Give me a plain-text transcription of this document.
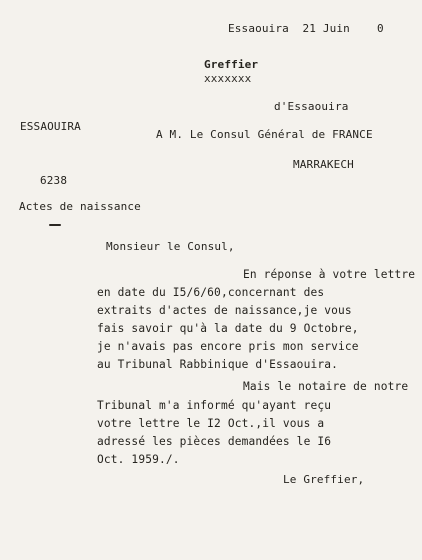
Essaouira  21 Juin    0
Greffier
xxxxxxx
d'Essaouira
ESSAOUIRA
A M. Le Consul Général de FRANCE
MARRAKECH
6238
Actes de naissance
Monsieur le Consul,
En réponse à votre lettre
en date du I5/6/60,concernant des
extraits d'actes de naissance,je vous
fais savoir qu'à la date du 9 Octobre,
je n'avais pas encore pris mon service
au Tribunal Rabbinique d'Essaouira.
Mais le notaire de notre
Tribunal m'a informé qu'ayant reçu
votre lettre le I2 Oct.,il vous a
adressé les pièces demandées le I6
Oct. 1959./.
Le Greffier,
